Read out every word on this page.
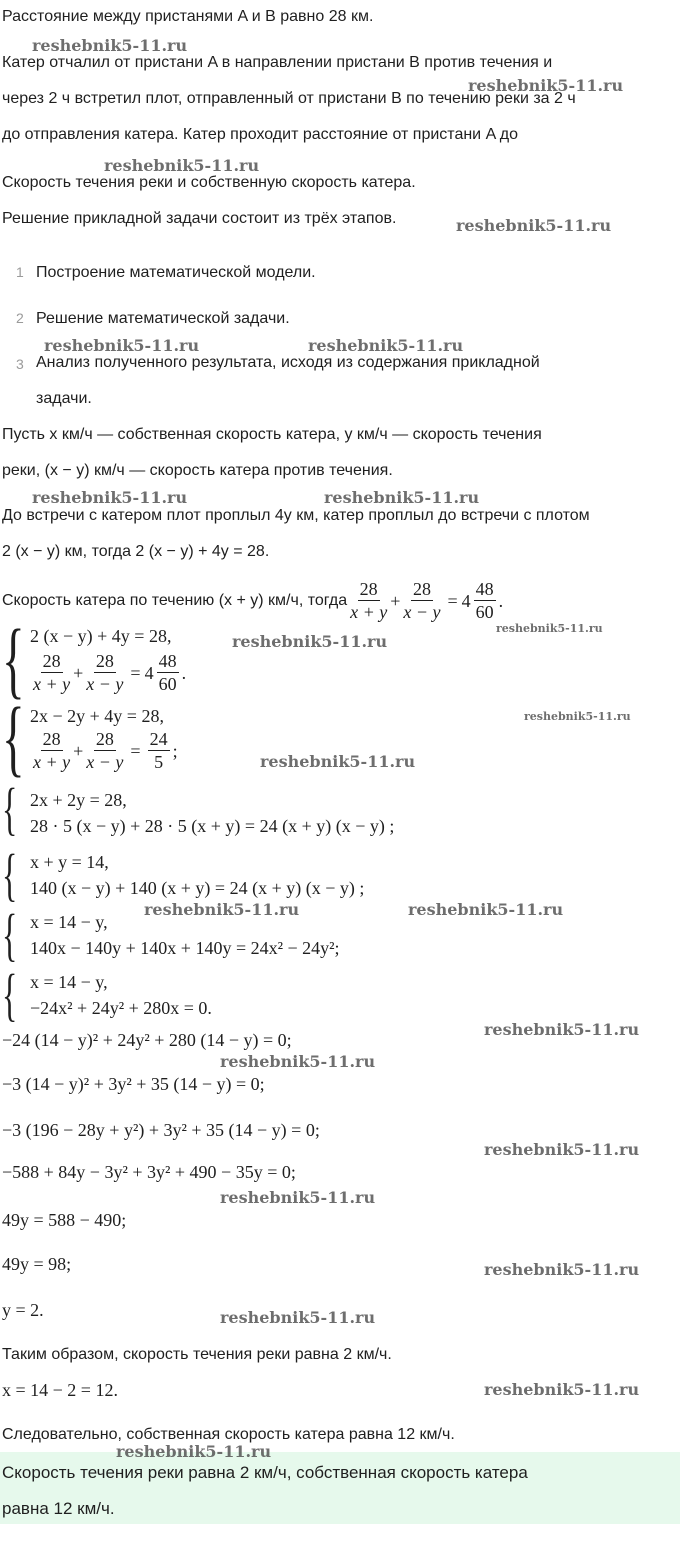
Расстояние между пристанями A и B равно 28 км.
Катер отчалил от пристани A в направлении пристани B против течения и
через 2 ч встретил плот, отправленный от пристани B по течению реки за 2 ч
до отправления катера. Катер проходит расстояние от пристани A до
Скорость течения реки и собственную скорость катера.
Решение прикладной задачи состоит из трёх этапов.
1 Построение математической модели.
2 Решение математической задачи.
3 Анализ полученного результата, исходя из содержания прикладной
задачи.
Пусть x км/ч — собственная скорость катера, y км/ч — скорость течения
реки, (x − y) км/ч — скорость катера против течения.
До встречи с катером плот проплыл 4y км, катер проплыл до встречи с плотом
2 (x − y) км, тогда 2 (x − y) + 4y = 28.
Скорость катера по течению (x + y) км/ч, тогда $\frac{28}{x + y} + \frac{28}{x - y} = 4 \frac{48}{60}$ .
{ 2 (x − y) + 4y = 28,
$\frac{28}{x + y} + \frac{28}{x - y} = 4 \frac{48}{60}$ .
{ 2x − 2y + 4y = 28,
$\frac{28}{x + y} + \frac{28}{x - y} = \frac{24}{5}$ ;
{ 2x + 2y = 28,
28 · 5 (x − y) + 28 · 5 (x + y) = 24 (x + y) (x − y) ;
{ x + y = 14,
140 (x − y) + 140 (x + y) = 24 (x + y) (x − y) ;
{ x = 14 − y,
140x − 140y + 140x + 140y = 24x² − 24y²;
{ x = 14 − y,
−24x² + 24y² + 280x = 0.
−24 (14 − y)² + 24y² + 280 (14 − y) = 0;
−3 (14 − y)² + 3y² + 35 (14 − y) = 0;
−3 (196 − 28y + y²) + 3y² + 35 (14 − y) = 0;
−588 + 84y − 3y² + 3y² + 490 − 35y = 0;
49y = 588 − 490;
49y = 98;
y = 2.
Таким образом, скорость течения реки равна 2 км/ч.
x = 14 − 2 = 12.
Следовательно, собственная скорость катера равна 12 км/ч.
Скорость течения реки равна 2 км/ч, собственная скорость катера
равна 12 км/ч.
reshebnik5-11.ru
reshebnik5-11.ru
reshebnik5-11.ru
reshebnik5-11.ru
reshebnik5-11.ru	reshebnik5-11.ru
reshebnik5-11.ru	reshebnik5-11.ru
reshebnik5-11.ru
reshebnik5-11.ru
reshebnik5-11.ru
reshebnik5-11.ru
reshebnik5-11.ru	reshebnik5-11.ru
reshebnik5-11.ru
reshebnik5-11.ru
reshebnik5-11.ru
reshebnik5-11.ru
reshebnik5-11.ru
reshebnik5-11.ru
reshebnik5-11.ru
reshebnik5-11.ru
